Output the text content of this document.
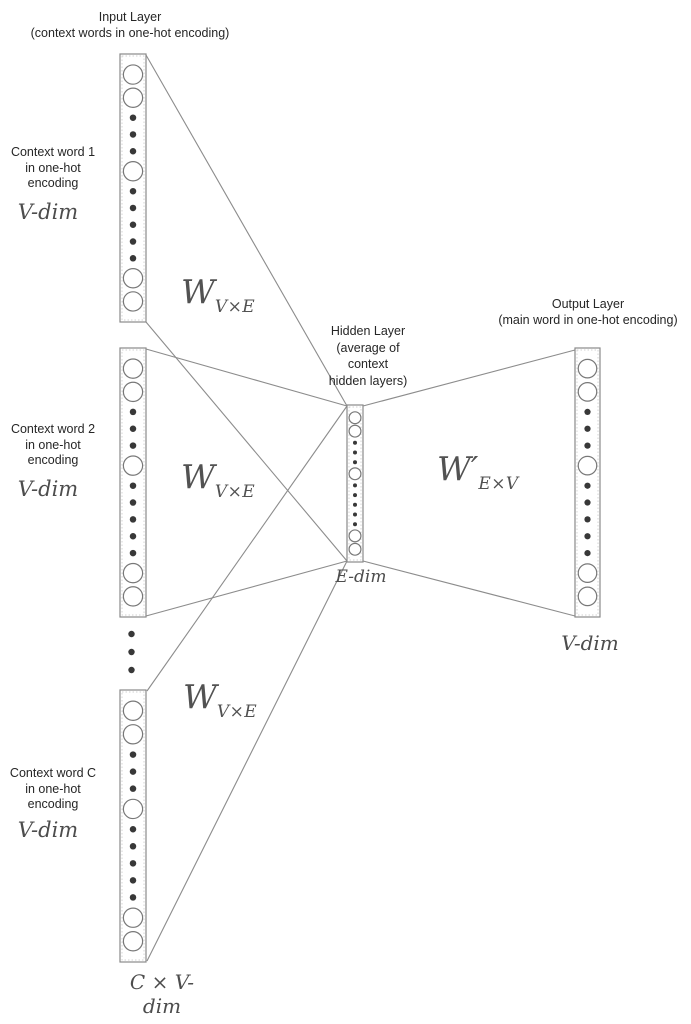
Input Layer
(context words in one-hot encoding)
Hidden Layer
(average of
context
hidden layers)
Output Layer
(main word in one-hot encoding)
Context word 1 in one-hot encoding
V-dim
Context word 2 in one-hot encoding
V-dim
Context word C in one-hot encoding
V-dim
WV×E
WV×E
WV×E
W′E×V
E-dim
V-dim
C × V-dim
